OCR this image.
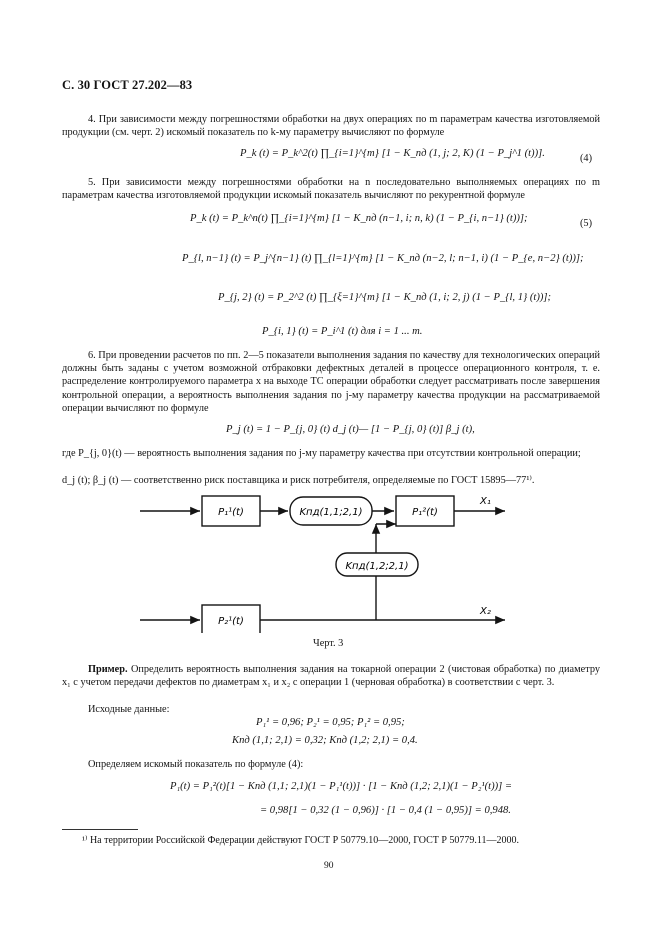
С. 30 ГОСТ 27.202—83
4. При зависимости между погрешностями обработки на двух операциях по m параметрам качества изготовляемой продукции (см. черт. 2) искомый показатель по k-му параметру вычисляют по формуле
P_k (t) = P_k^2(t) ∏_{i=1}^{m} [1 − K_пд (1, j; 2, K) (1 − P_j^1 (t))].	(4)
5. При зависимости между погрешностями обработки на n последовательно выполняемых операциях по m параметрам качества изготовляемой продукции искомый показатель вычисляют по рекурентной формуле
P_k (t) = P_k^n(t) ∏_{i=1}^{m} [1 − K_пд (n−1, i; n, k) (1 − P_{i, n−1} (t))];	(5)
P_{l, n−1} (t) = P_j^{n−1} (t) ∏_{l=1}^{m} [1 − K_пд (n−2, l; n−1, i) (1 − P_{e, n−2} (t))];
P_{j, 2} (t) = P_2^2 (t) ∏_{ξ=1}^{m} [1 − K_пд (1, i; 2, j) (1 − P_{l, 1} (t))];
P_{i, 1} (t) = P_i^1 (t) для i = 1 ... m.
6. При проведении расчетов по пп. 2—5 показатели выполнения задания по качеству для технологических операций должны быть заданы с учетом возможной отбраковки дефектных деталей в процессе операционного контроля, т. е. распределение контролируемого параметра x на выходе ТС операции обработки следует рассматривать после завершения контрольной операции, а вероятность выполнения задания по j-му параметру качества продукции на рассматриваемой операции вычисляют по формуле
P_j (t) = 1 − P_{j, 0} (t) d_j (t)— [1 − P_{j, 0} (t)] β_j (t),
где P_{j, 0}(t) — вероятность выполнения задания по j-му параметру качества при отсутствии контрольной операции;
d_j (t); β_j (t) — соответственно риск поставщика и риск потребителя, определяемые по ГОСТ 15895—77¹⁾.
P₁¹(t)	Kпд(1,1;2,1)	P₁²(t)
Kпд(1,2;2,1)
P₂¹(t)
X₁
X₂
Черт. 3
Пример. Определить вероятность выполнения задания на токарной операции 2 (чистовая обработка) по диаметру x₁ с учетом передачи дефектов по диаметрам x₁ и x₂ с операции 1 (черновая обработка) в соответствии с черт. 3.
Исходные данные:
P₁¹ = 0,96; P₂¹ = 0,95; P₁² = 0,95;
Kпд (1,1; 2,1) = 0,32; Kпд (1,2; 2,1) = 0,4.
Определяем искомый показатель по формуле (4):
P₁(t) = P₁²(t)[1 − Kпд (1,1; 2,1)(1 − P₁¹(t))] · [1 − Kпд (1,2; 2,1)(1 − P₂¹(t))] =
= 0,98[1 − 0,32 (1 − 0,96)] · [1 − 0,4 (1 − 0,95)] = 0,948.
¹⁾ На территории Российской Федерации действуют ГОСТ Р 50779.10—2000, ГОСТ Р 50779.11—2000.
90
